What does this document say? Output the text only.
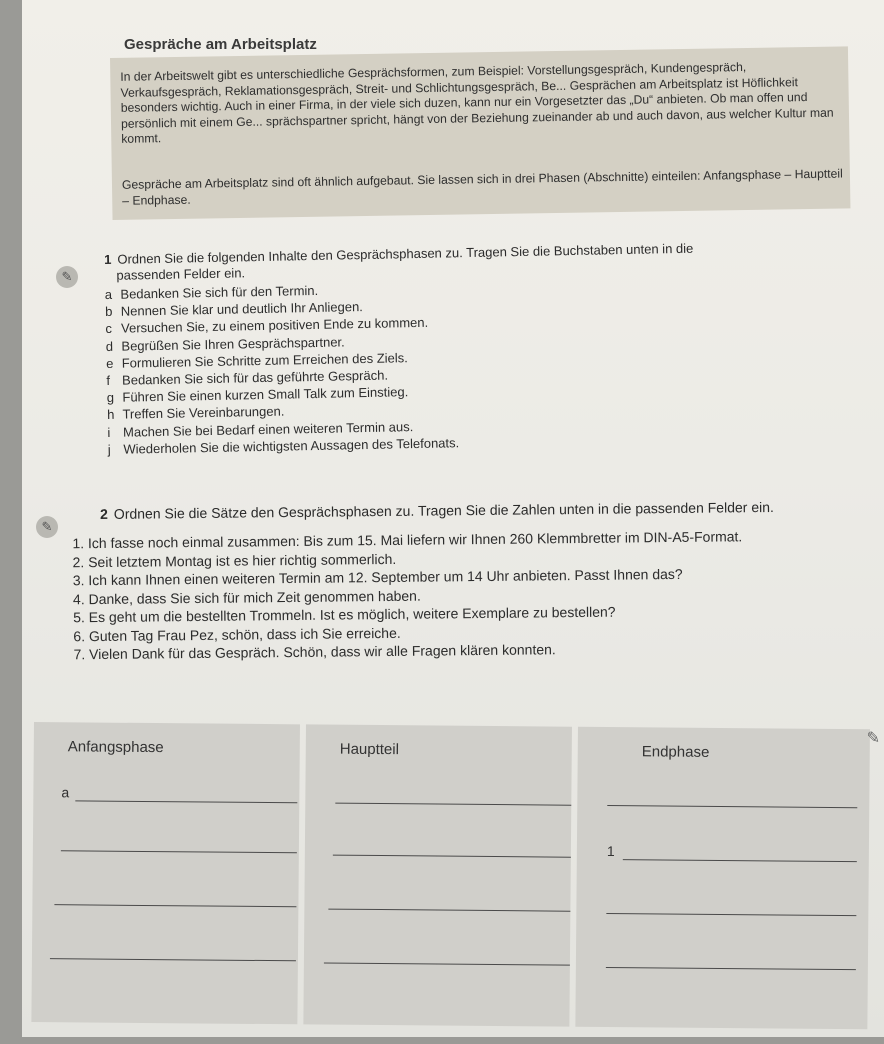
Gespräche am Arbeitsplatz

In der Arbeitswelt gibt es unterschiedliche Gesprächsformen, zum Beispiel: Vorstellungsgespräch, Kundengespräch, Verkaufsgespräch, Reklamationsgespräch, Streit- und Schlichtungsgespräch, Be... Gesprächen am Arbeitsplatz ist Höflichkeit besonders wichtig. Auch in einer Firma, in der viele sich duzen, kann nur ein Vorgesetzter das „Du“ anbieten. Ob man offen und persönlich mit einem Ge... sprächspartner spricht, hängt von der Beziehung zueinander ab und auch davon, aus welcher Kultur man kommt.

Gespräche am Arbeitsplatz sind oft ähnlich aufgebaut. Sie lassen sich in drei Phasen (Abschnitte) einteilen: Anfangsphase – Hauptteil – Endphase.

✎
1 Ordnen Sie die folgenden Inhalte den Gesprächsphasen zu. Tragen Sie die Buchstaben unten in die
passenden Felder ein.
a Bedanken Sie sich für den Termin.
b Nennen Sie klar und deutlich Ihr Anliegen.
c Versuchen Sie, zu einem positiven Ende zu kommen.
d Begrüßen Sie Ihren Gesprächspartner.
e Formulieren Sie Schritte zum Erreichen des Ziels.
f Bedanken Sie sich für das geführte Gespräch.
g Führen Sie einen kurzen Small Talk zum Einstieg.
h Treffen Sie Vereinbarungen.
i Machen Sie bei Bedarf einen weiteren Termin aus.
j Wiederholen Sie die wichtigsten Aussagen des Telefonats.
✎
2 Ordnen Sie die Sätze den Gesprächsphasen zu. Tragen Sie die Zahlen unten in die passenden Felder ein.
1. Ich fasse noch einmal zusammen: Bis zum 15. Mai liefern wir Ihnen 260 Klemmbretter im DIN-A5-Format.
2. Seit letztem Montag ist es hier richtig sommerlich.
3. Ich kann Ihnen einen weiteren Termin am 12. September um 14 Uhr anbieten. Passt Ihnen das?
4. Danke, dass Sie sich für mich Zeit genommen haben.
5. Es geht um die bestellten Trommeln. Ist es möglich, weitere Exemplare zu bestellen?
6. Guten Tag Frau Pez, schön, dass ich Sie erreiche.
7. Vielen Dank für das Gespräch. Schön, dass wir alle Fragen klären konnten.
Anfangsphase
a
Hauptteil	Endphase
1
✎
